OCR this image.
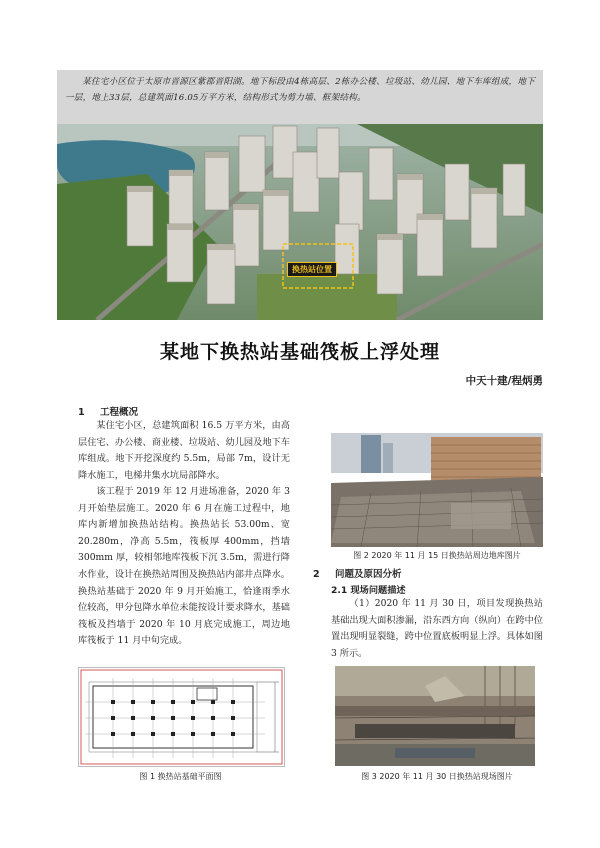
某住宅小区位于太原市晋源区紫郡晋阳湖。地下标段由4栋高层、2栋办公楼、垃圾站、幼儿园、地下车库组成，地下一层，地上33层，总建筑面16.05万平方米，结构形式为剪力墙、框架结构。
换热站位置
某地下换热站基础筏板上浮处理
中天十建/程炳勇
1 工程概况

某住宅小区，总建筑面积 16.5 万平方米，由高层住宅、办公楼、商业楼、垃圾站、幼儿园及地下车库组成。地下开挖深度约 5.5m，局部 7m，设计无降水施工，电梯井集水坑局部降水。

该工程于 2019 年 12 月进场准备，2020 年 3 月开始垫层施工。2020 年 6 月在施工过程中，地库内新增加换热站结构。换热站长 53.00m、宽 20.280m，净高 5.5m，筏板厚 400mm，挡墙 300mm 厚，较相邻地库筏板下沉 3.5m，需进行降水作业，设计在换热站周围及换热站内部井点降水。换热站基础于 2020 年 9 月开始施工，恰逢雨季水位较高，甲分包降水单位未能按设计要求降水，基础筏板及挡墙于 2020 年 10 月底完成施工，周边地库筏板于 11 月中旬完成。

图 1 换热站基础平面图
图 2 2020 年 11 月 15 日换热站周边地库图片
2 问题及原因分析
2.1 现场问题描述

（1）2020 年 11 月 30 日，项目发现换热站基础出现大面积渗漏，沿东西方向（纵向）在跨中位置出现明显裂缝，跨中位置底板明显上浮。具体如图 3 所示。

图 3 2020 年 11 月 30 日换热站现场图片
